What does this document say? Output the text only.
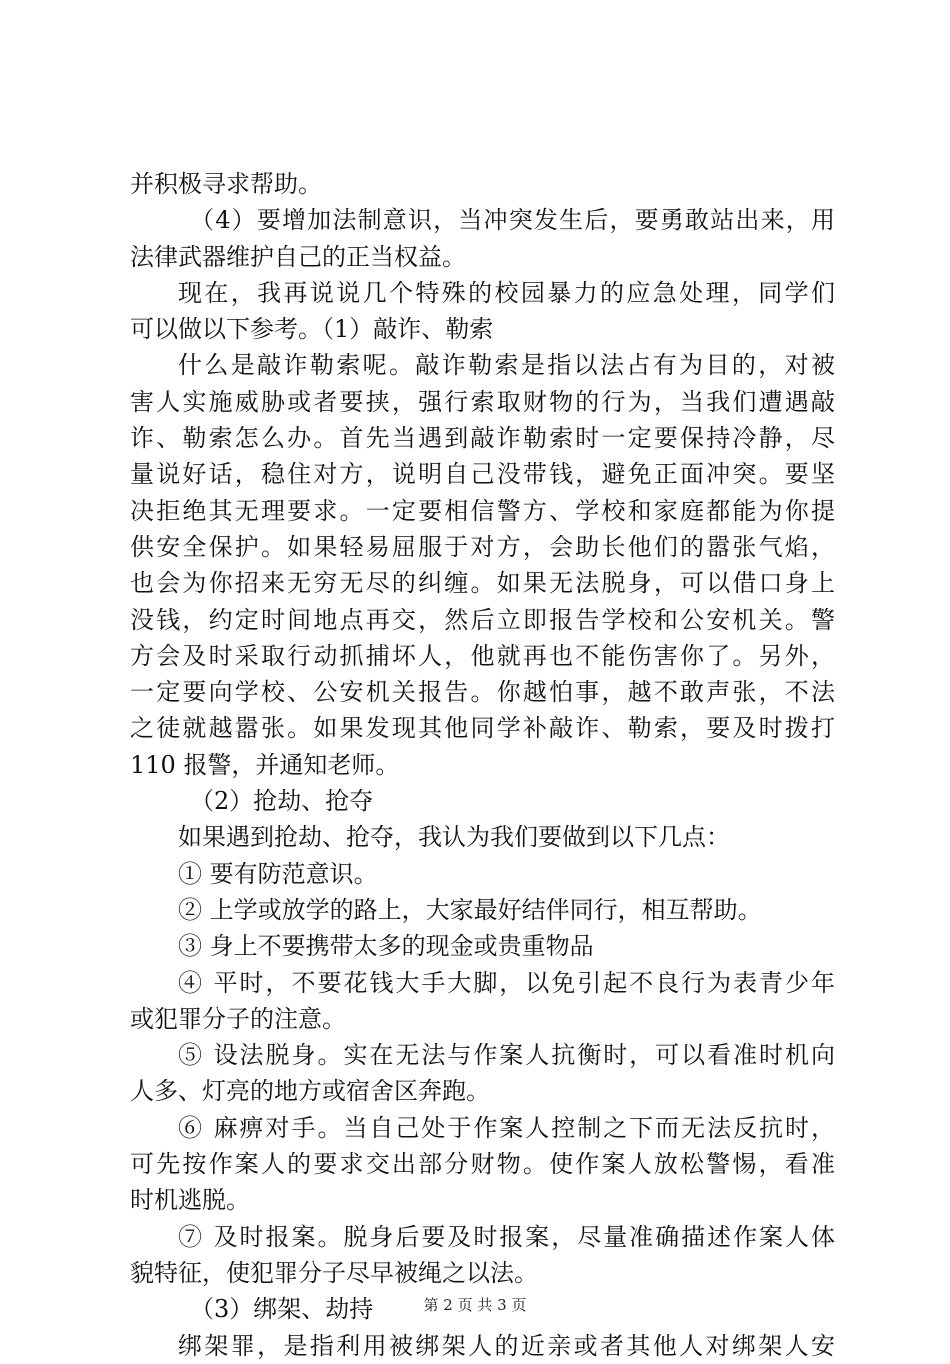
并积极寻求帮助。
（4）要增加法制意识，当冲突发生后，要勇敢站出来，用
法律武器维护自己的正当权益。
现在，我再说说几个特殊的校园暴力的应急处理，同学们
可以做以下参考。（1）敲诈、勒索
什么是敲诈勒索呢。敲诈勒索是指以法占有为目的，对被
害人实施威胁或者要挟，强行索取财物的行为，当我们遭遇敲
诈、勒索怎么办。首先当遇到敲诈勒索时一定要保持冷静，尽
量说好话，稳住对方，说明自己没带钱，避免正面冲突。要坚
决拒绝其无理要求。一定要相信警方、学校和家庭都能为你提
供安全保护。如果轻易屈服于对方，会助长他们的嚣张气焰，
也会为你招来无穷无尽的纠缠。如果无法脱身，可以借口身上
没钱，约定时间地点再交，然后立即报告学校和公安机关。警
方会及时采取行动抓捕坏人，他就再也不能伤害你了。另外，
一定要向学校、公安机关报告。你越怕事，越不敢声张，不法
之徒就越嚣张。如果发现其他同学补敲诈、勒索，要及时拨打
110 报警，并通知老师。
（2）抢劫、抢夺
如果遇到抢劫、抢夺，我认为我们要做到以下几点：
① 要有防范意识。
② 上学或放学的路上，大家最好结伴同行，相互帮助。
③ 身上不要携带太多的现金或贵重物品
④ 平时，不要花钱大手大脚，以免引起不良行为表青少年
或犯罪分子的注意。
⑤ 设法脱身。实在无法与作案人抗衡时，可以看准时机向
人多、灯亮的地方或宿舍区奔跑。
⑥ 麻痹对手。当自己处于作案人控制之下而无法反抗时，
可先按作案人的要求交出部分财物。使作案人放松警惕，看准
时机逃脱。
⑦ 及时报案。脱身后要及时报案，尽量准确描述作案人体
貌特征，使犯罪分子尽早被绳之以法。
（3）绑架、劫持
绑架罪，是指利用被绑架人的近亲或者其他人对绑架人安
第 2 页 共 3 页
